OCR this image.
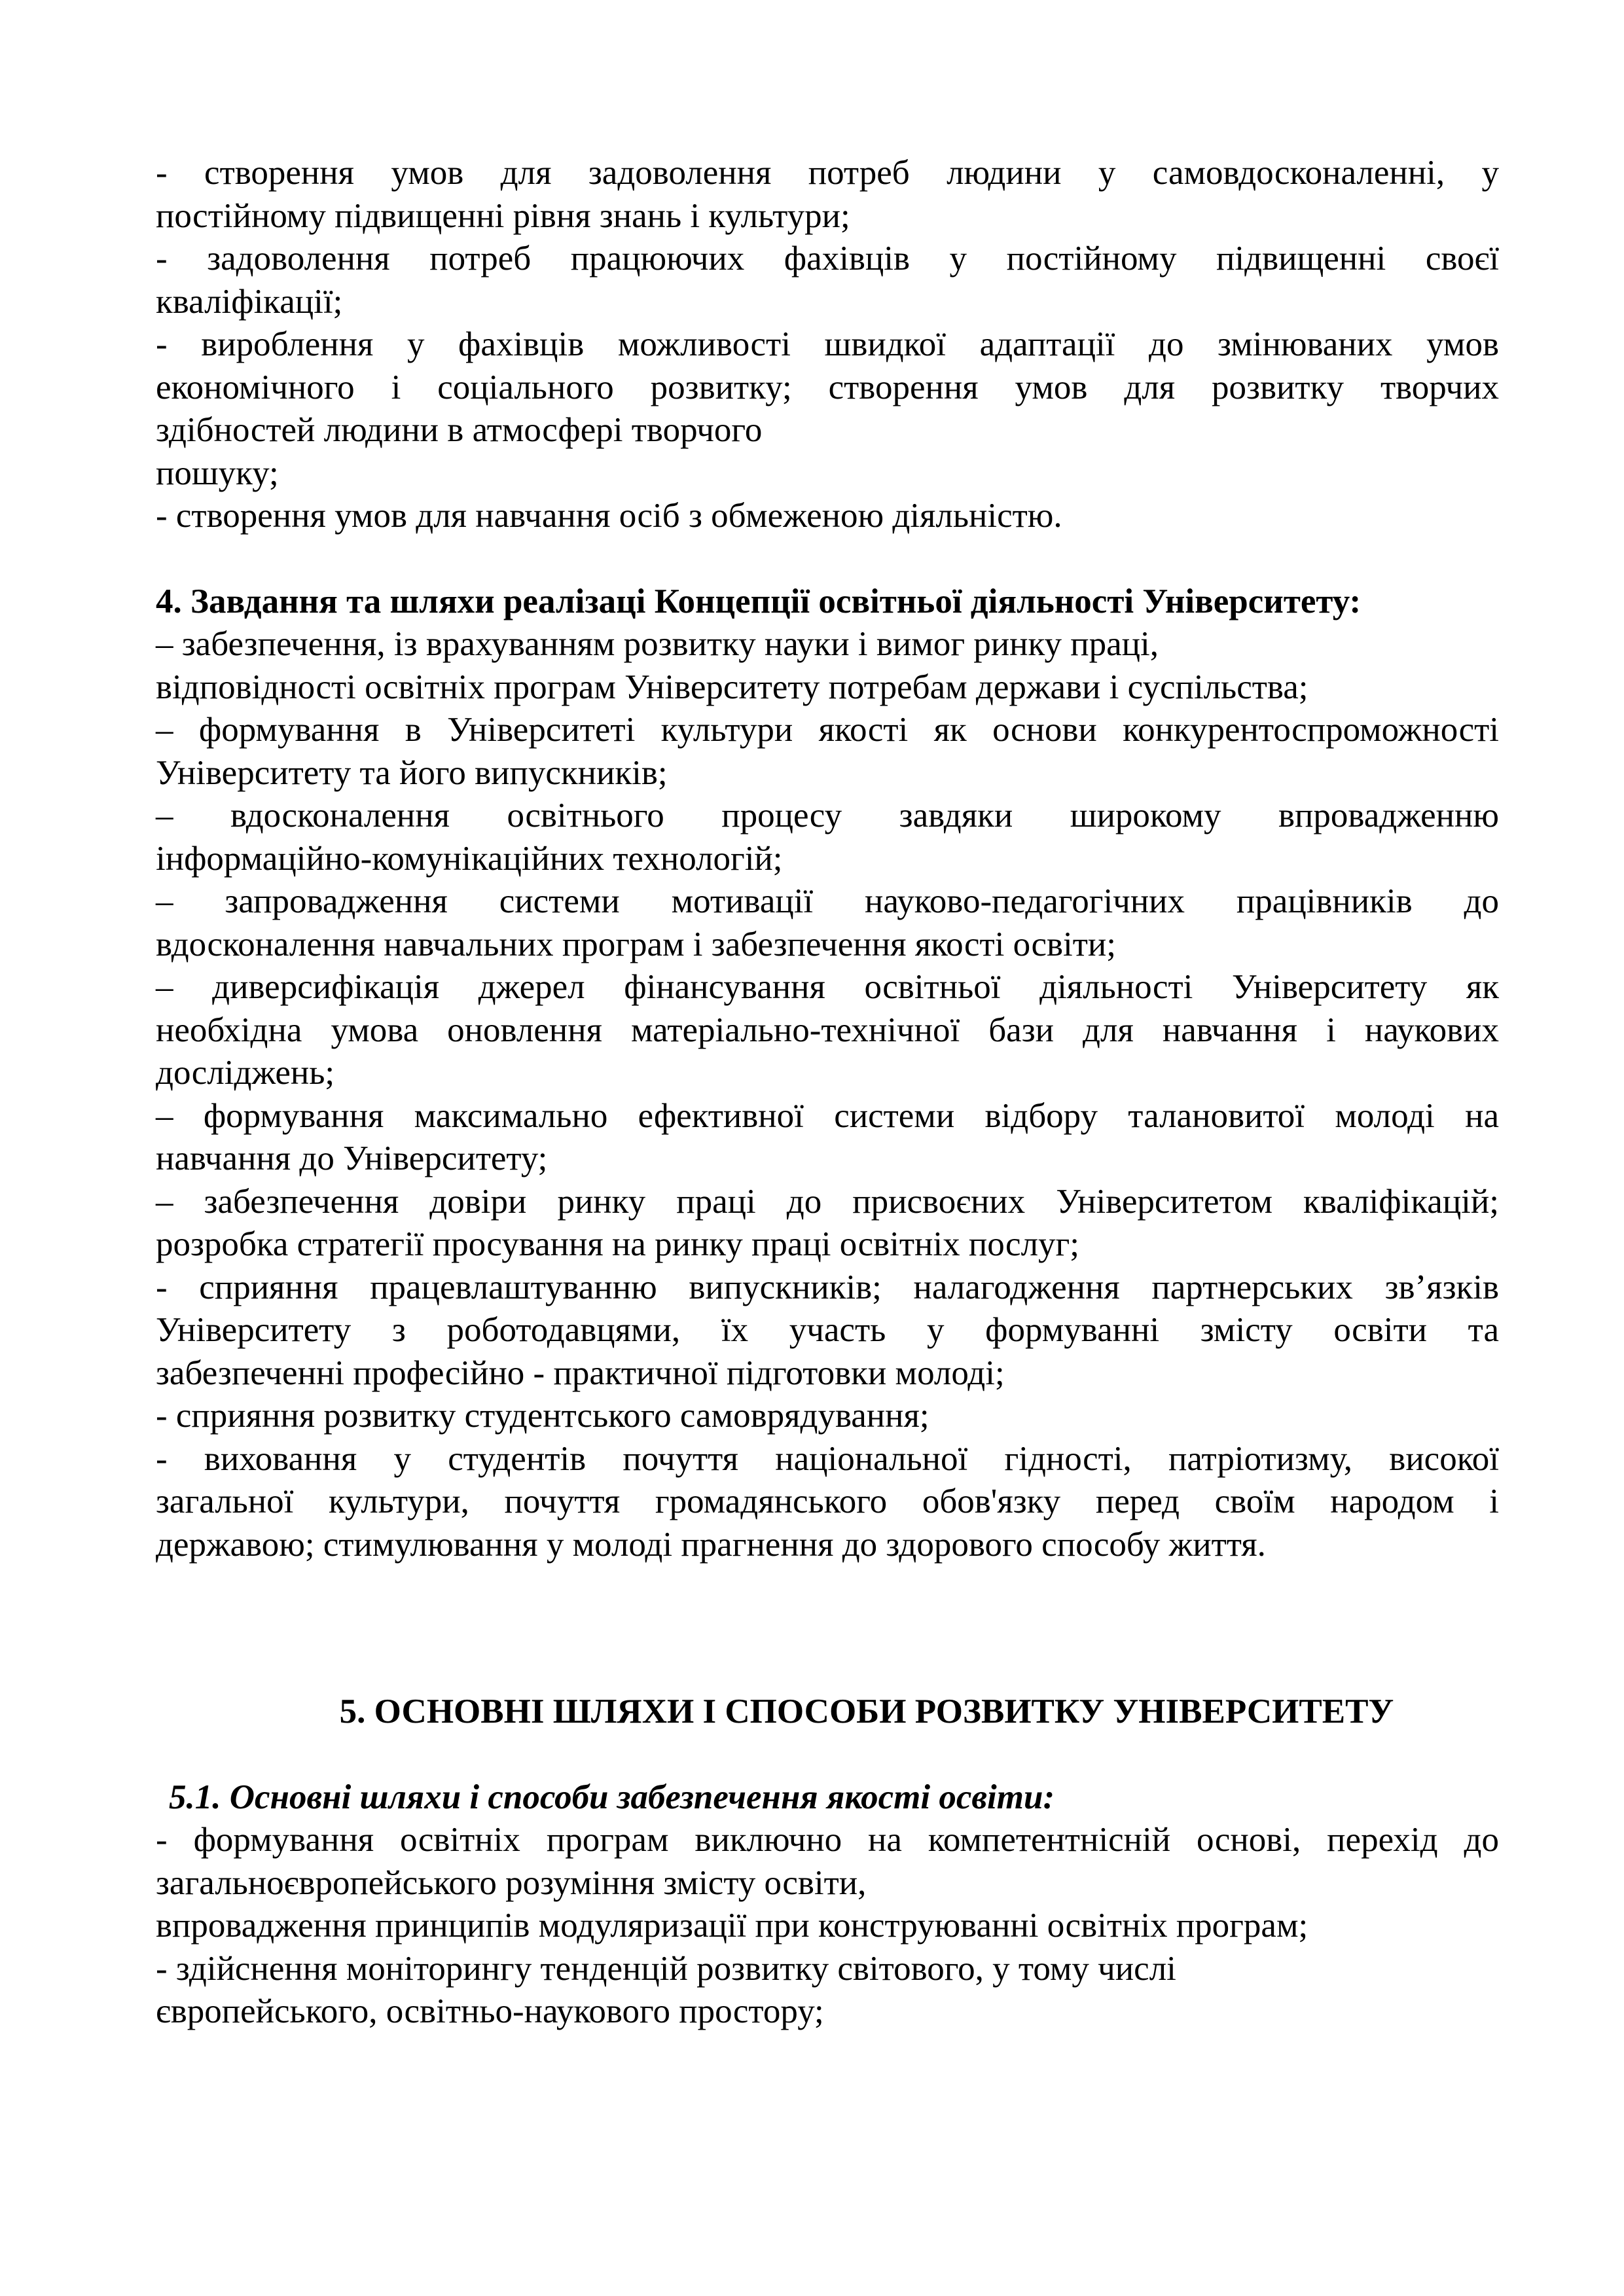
- створення умов для задоволення потреб людини у самовдосконаленні, у

постійному підвищенні рівня знань і культури;

- задоволення потреб працюючих фахівців у постійному підвищенні своєї

кваліфікації;

- вироблення у фахівців можливості швидкої адаптації до змінюваних умов

економічного і соціального розвитку; створення умов для розвитку творчих

здібностей людини в атмосфері творчого

пошуку;

- створення умов для навчання осіб з обмеженою діяльністю.

4. Завдання та шляхи реалізаці Концепції освітньої діяльності Університету:

– забезпечення, із врахуванням розвитку науки і вимог ринку праці,

відповідності освітніх програм Університету потребам держави і суспільства;

– формування в Університеті культури якості як основи конкурентоспроможності

Університету та його випускників;

– вдосконалення освітнього процесу завдяки широкому впровадженню

інформаційно-комунікаційних технологій;

– запровадження системи мотивації науково-педагогічних працівників до

вдосконалення навчальних програм і забезпечення якості освіти;

– диверсифікація джерел фінансування освітньої діяльності Університету як

необхідна умова оновлення матеріально-технічної бази для навчання і наукових

досліджень;

– формування максимально ефективної системи відбору талановитої молоді на

навчання до Університету;

– забезпечення довіри ринку праці до присвоєних Університетом кваліфікацій;

розробка стратегії просування на ринку праці освітніх послуг;

- сприяння працевлаштуванню випускників; налагодження партнерських зв’язків

Університету з роботодавцями, їх участь у формуванні змісту освіти та

забезпеченні професійно - практичної підготовки молоді;

- сприяння розвитку студентського самоврядування;

- виховання у студентів почуття національної гідності, патріотизму, високої

загальної культури, почуття громадянського обов'язку перед своїм народом і

державою; стимулювання у молоді прагнення до здорового способу життя.

5. ОСНОВНІ ШЛЯХИ І СПОСОБИ РОЗВИТКУ УНІВЕРСИТЕТУ

5.1. Основні шляхи і способи забезпечення якості освіти:

- формування освітніх програм виключно на компетентнісній основі, перехід до

загальноєвропейського розуміння змісту освіти,

впровадження принципів модуляризації при конструюванні освітніх програм;

- здійснення моніторингу тенденцій розвитку світового, у тому числі

європейського, освітньо-наукового простору;
